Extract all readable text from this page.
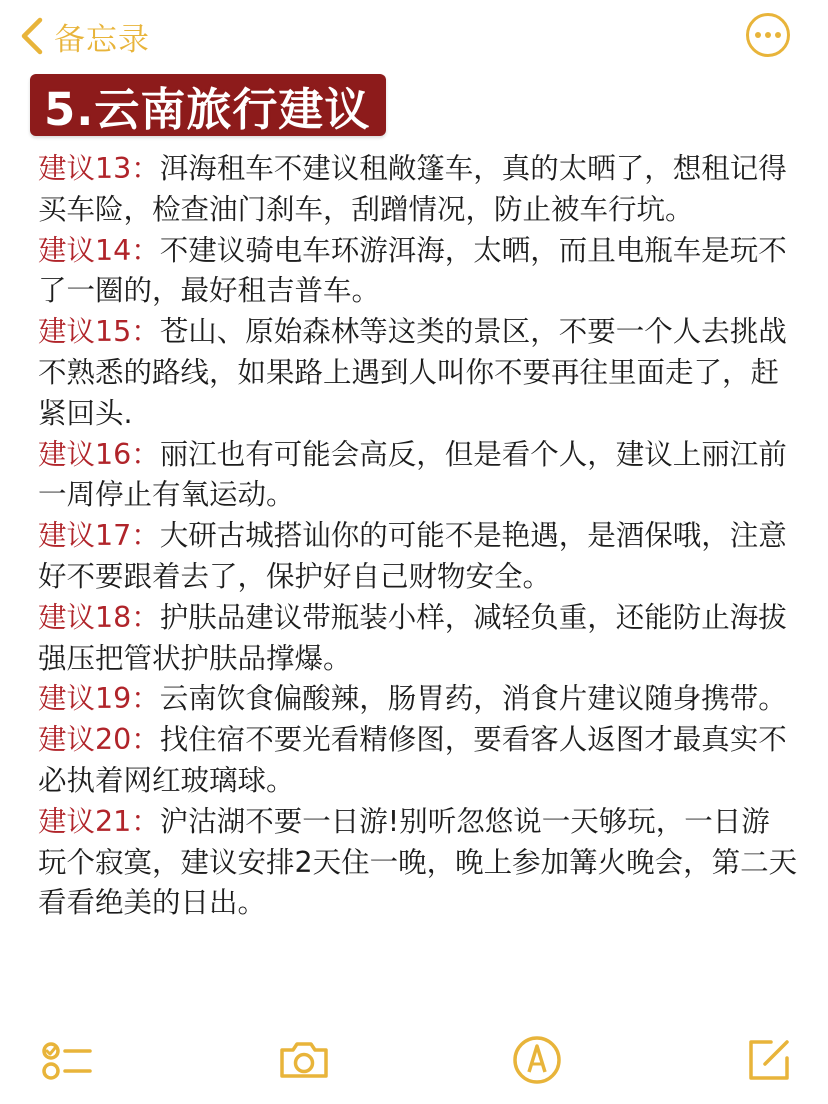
备忘录
5.云南旅行建议

建议13：洱海租车不建议租敞篷车，真的太晒了，想租记得买车险，检查油门刹车，刮蹭情况，防止被车行坑。

建议14：不建议骑电车环游洱海，太晒，而且电瓶车是玩不了一圈的，最好租吉普车。

建议15：苍山、原始森林等这类的景区，不要一个人去挑战不熟悉的路线，如果路上遇到人叫你不要再往里面走了，赶紧回头.

建议16：丽江也有可能会高反，但是看个人，建议上丽江前一周停止有氧运动。

建议17：大研古城搭讪你的可能不是艳遇，是酒保哦，注意好不要跟着去了，保护好自己财物安全。

建议18：护肤品建议带瓶装小样，减轻负重，还能防止海拔强压把管状护肤品撑爆。

建议19：云南饮食偏酸辣，肠胃药，消食片建议随身携带。

建议20：找住宿不要光看精修图，要看客人返图才最真实不必执着网红玻璃球。

建议21：沪沽湖不要一日游!别听忽悠说一天够玩，一日游玩个寂寞，建议安排2天住一晚，晚上参加篝火晚会，第二天看看绝美的日出。
